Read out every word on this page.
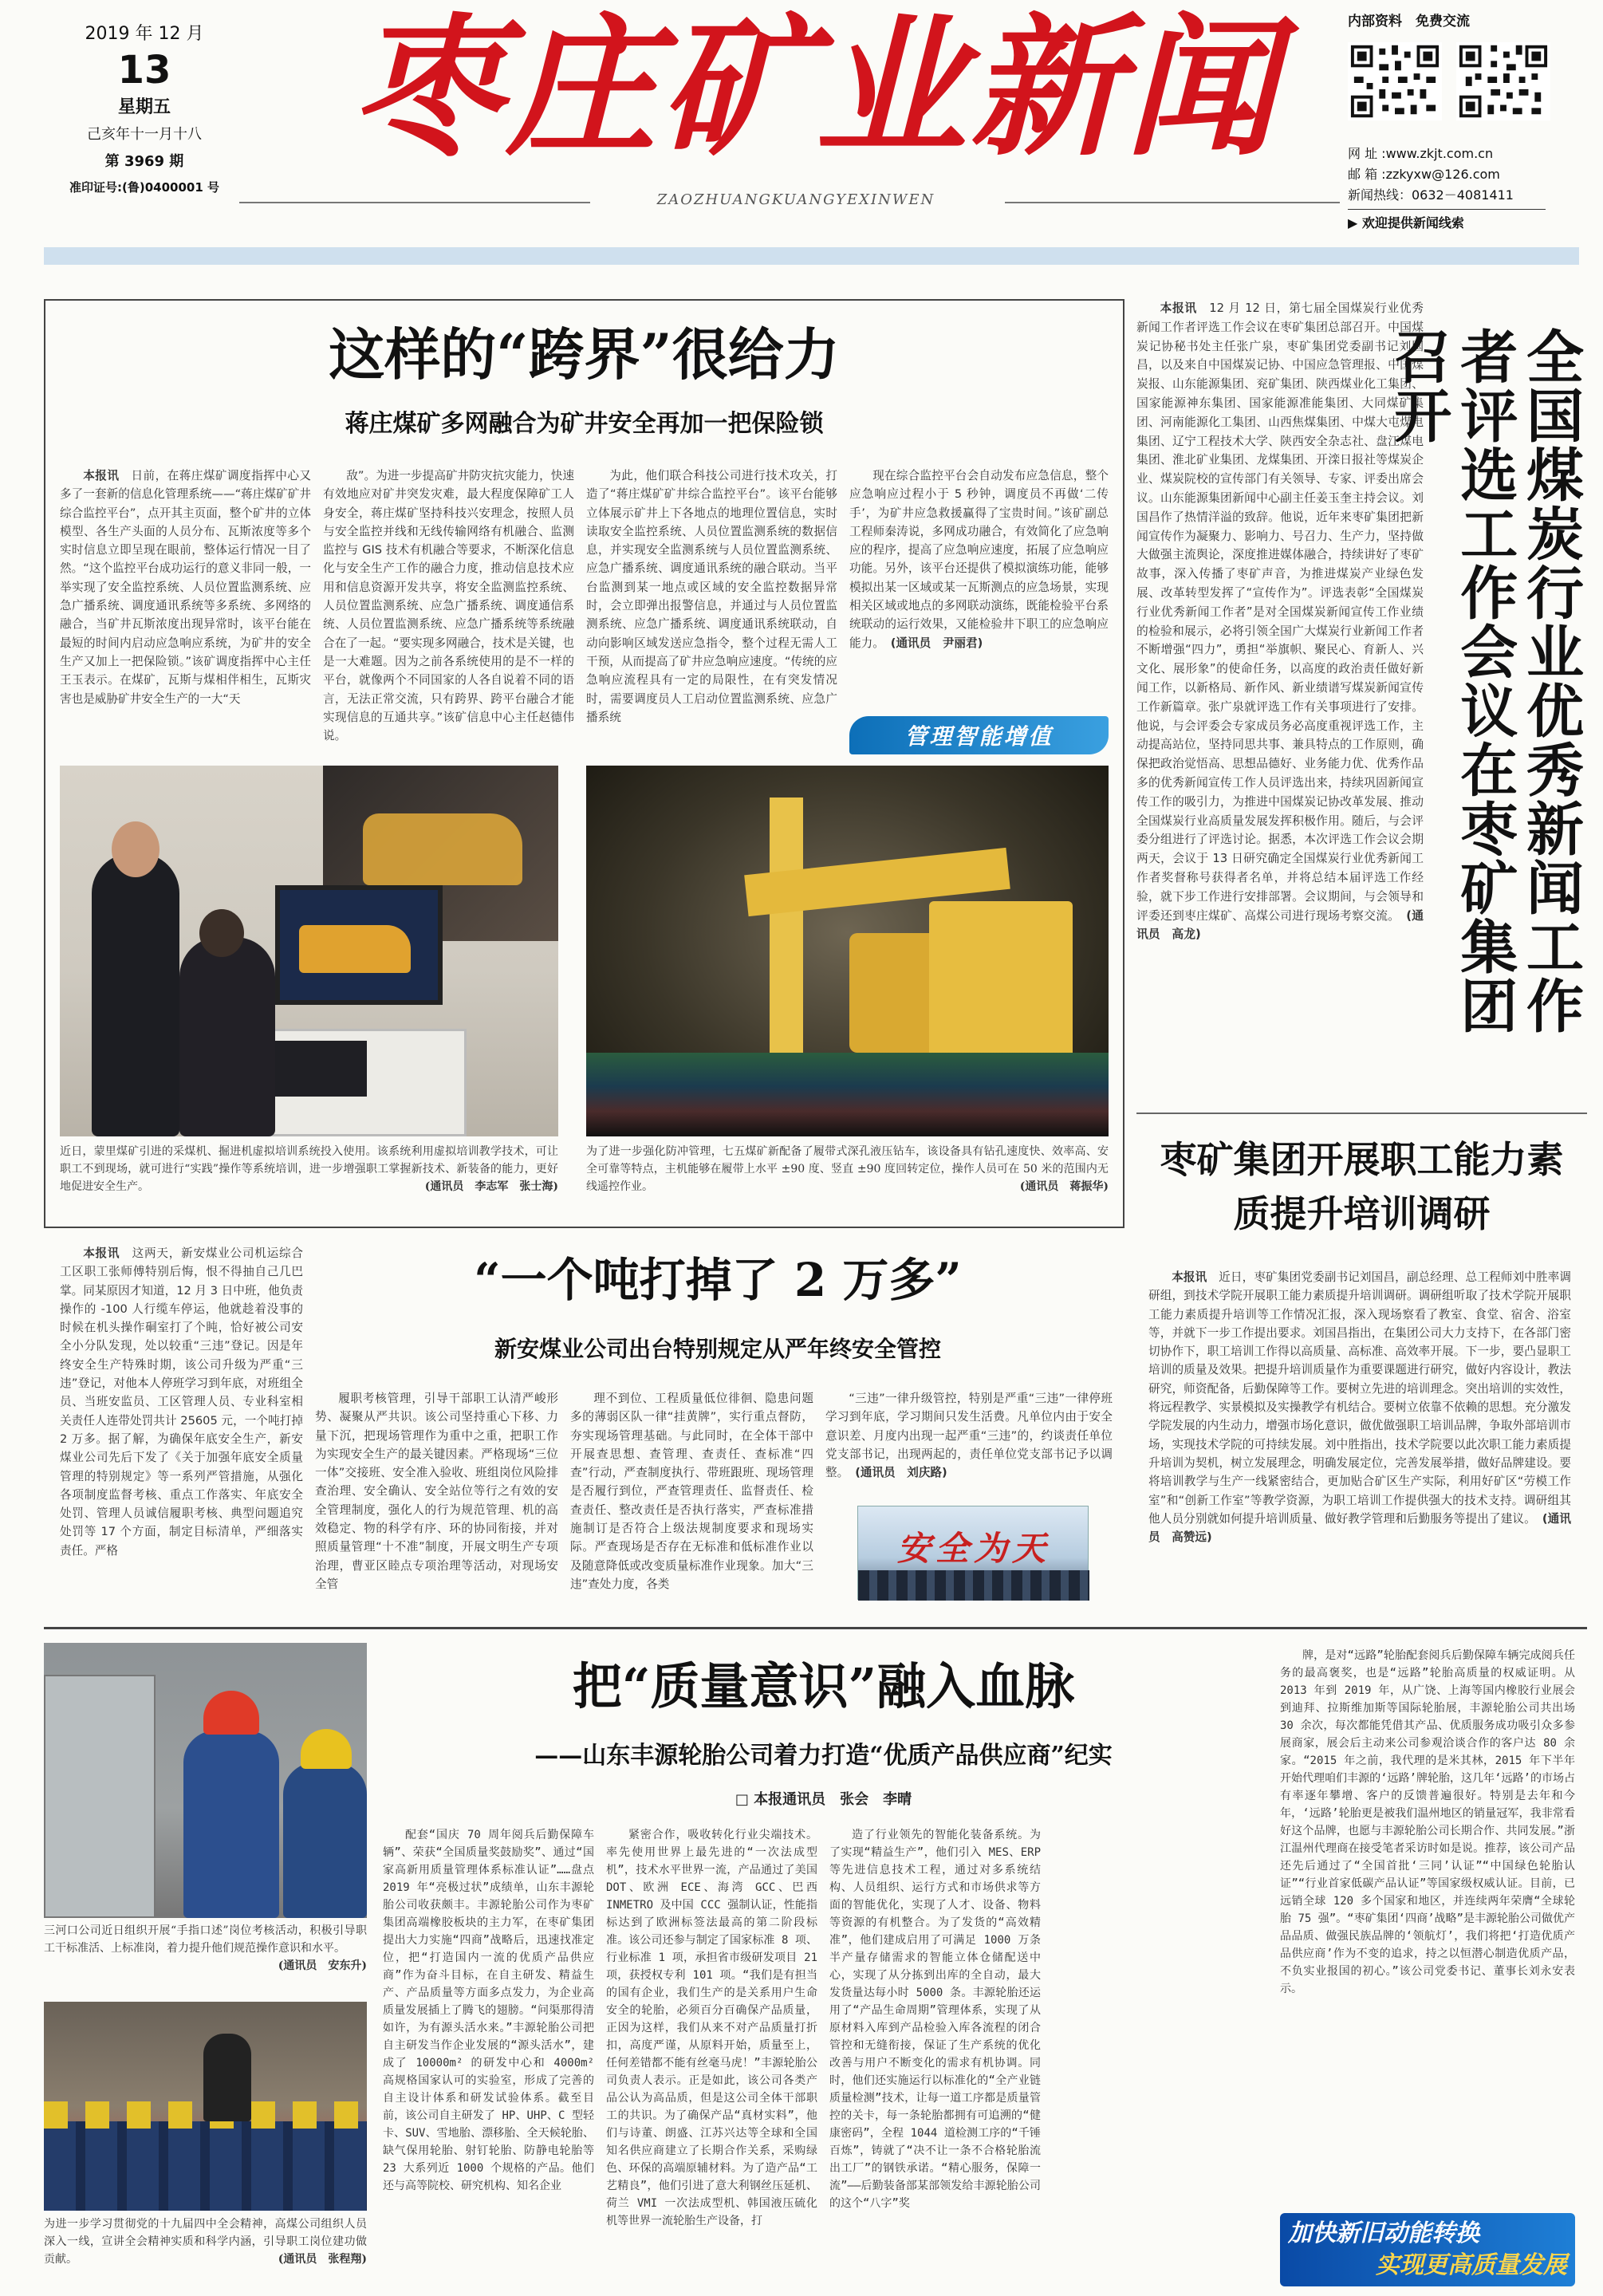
2019 年 12 月
13
星期五
己亥年十一月十八
第 3969 期
准印证号:(鲁)0400001 号
枣庄矿业新闻
ZAOZHUANGKUANGYEXINWEN
内部资料　免费交流
网 址 :www.zkjt.com.cn
邮 箱 :zzkyxw@126.com
新闻热线：0632－4081411
▶ 欢迎提供新闻线索
这样的“跨界”很给力
蒋庄煤矿多网融合为矿井安全再加一把保险锁

本报讯　 日前，在蒋庄煤矿调度指挥中心又多了一套新的信息化管理系统——“蒋庄煤矿矿井综合监控平台”，点开其主页面，整个矿井的立体模型、各生产头面的人员分布、瓦斯浓度等多个实时信息立即呈现在眼前，整体运行情况一目了然。“这个监控平台成功运行的意义非同一般，一举实现了安全监控系统、人员位置监测系统、应急广播系统、调度通讯系统等多系统、多网络的融合，当矿井瓦斯浓度出现异常时，该平台能在最短的时间内启动应急响应系统，为矿井的安全生产又加上一把保险锁。”该矿调度指挥中心主任王玉表示。在煤矿，瓦斯与煤相伴相生，瓦斯灾害也是威胁矿井安全生产的一大“天

敌”。为进一步提高矿井防灾抗灾能力，快速有效地应对矿井突发灾难，最大程度保障矿工人身安全，蒋庄煤矿坚持科技兴安理念，按照人员与安全监控并线和无线传输网络有机融合、监测监控与 GIS 技术有机融合等要求，不断深化信息化与安全生产工作的融合力度，推动信息技术应用和信息资源开发共享，将安全监测监控系统、人员位置监测系统、应急广播系统、调度通信系统、人员位置监测系统、应急广播系统等系统融合在了一起。“要实现多网融合，技术是关键，也是一大难题。因为之前各系统使用的是不一样的平台，就像两个不同国家的人各自说着不同的语言，无法正常交流，只有跨界、跨平台融合才能实现信息的互通共享。”该矿信息中心主任赵德伟说。

为此，他们联合科技公司进行技术攻关，打造了“蒋庄煤矿矿井综合监控平台”。该平台能够立体展示矿井上下各地点的地理位置信息，实时读取安全监控系统、人员位置监测系统的数据信息，并实现安全监测系统与人员位置监测系统、应急广播系统、调度通讯系统的融合联动。当平台监测到某一地点或区域的安全监控数据异常时，会立即弹出报警信息，并通过与人员位置监测系统、应急广播系统、调度通讯系统联动，自动向影响区域发送应急指令，整个过程无需人工干预，从而提高了矿井应急响应速度。“传统的应急响应流程具有一定的局限性，在有突发情况时，需要调度员人工启动位置监测系统、应急广播系统

现在综合监控平台会自动发布应急信息，整个应急响应过程小于 5 秒钟，调度员不再做‘二传手’，为矿井应急救援赢得了宝贵时间。”该矿副总工程师秦涛说，多网成功融合，有效简化了应急响应的程序，提高了应急响应速度，拓展了应急响应功能。另外，该平台还提供了模拟演练功能，能够模拟出某一区域或某一瓦斯测点的应急场景，实现相关区域或地点的多网联动演练，既能检验平台系统联动的运行效果，又能检验井下职工的应急响应能力。 (通讯员　尹丽君)

管理智能增值
近日，蒙里煤矿引进的采煤机、掘进机虚拟培训系统投入使用。该系统利用虚拟培训教学技术，可让职工不到现场，就可进行“实践”操作等系统培训，进一步增强职工掌握新技术、新装备的能力，更好地促进安全生产。	(通讯员　李志军　张士海)
为了进一步强化防冲管理，七五煤矿新配备了履带式深孔液压钻车，该设备具有钻孔速度快、效率高、安全可靠等特点，主机能够在履带上水平 ±90 度、竖直 ±90 度回转定位，操作人员可在 50 米的范围内无线遥控作业。	(通讯员　蒋振华)

本报讯　 12 月 12 日，第七届全国煤炭行业优秀新闻工作者评选工作会议在枣矿集团总部召开。中国煤炭记协秘书处主任张广泉，枣矿集团党委副书记刘国昌，以及来自中国煤炭记协、中国应急管理报、中国煤炭报、山东能源集团、兖矿集团、陕西煤业化工集团、国家能源神东集团、国家能源准能集团、大同煤矿集团、河南能源化工集团、山西焦煤集团、中煤大屯煤电集团、辽宁工程技术大学、陕西安全杂志社、盘江煤电集团、淮北矿业集团、龙煤集团、开滦日报社等煤炭企业、煤炭院校的宣传部门有关领导、专家、评委出席会议。山东能源集团新闻中心副主任姜玉奎主持会议。刘国昌作了热情洋溢的致辞。他说，近年来枣矿集团把新闻宣传作为凝聚力、影响力、号召力、生产力，坚持做大做强主流舆论，深度推进媒体融合，持续讲好了枣矿故事，深入传播了枣矿声音，为推进煤炭产业绿色发展、改革转型发挥了“宣传作为”。评选表彰“全国煤炭行业优秀新闻工作者”是对全国煤炭新闻宣传工作业绩的检验和展示，必将引领全国广大煤炭行业新闻工作者不断增强“四力”，勇担“举旗帜、聚民心、育新人、兴文化、展形象”的使命任务，以高度的政治责任做好新闻工作，以新格局、新作风、新业绩谱写煤炭新闻宣传工作新篇章。张广泉就评选工作有关事项进行了安排。他说，与会评委会专家成员务必高度重视评选工作，主动提高站位，坚持同思共事、兼具特点的工作原则，确保把政治觉悟高、思想品德好、业务能力优、优秀作品多的优秀新闻宣传工作人员评选出来，持续巩固新闻宣传工作的吸引力，为推进中国煤炭记协改革发展、推动全国煤炭行业高质量发展发挥积极作用。随后，与会评委分组进行了评选讨论。据悉，本次评选工作会议会期两天，会议于 13 日研究确定全国煤炭行业优秀新闻工作者奖督称号获得者名单，并将总结本届评选工作经验，就下步工作进行安排部署。会议期间，与会领导和评委还到枣庄煤矿、高煤公司进行现场考察交流。 (通讯员　高龙)	全国煤炭行业优秀新闻工作者评选工作会议在枣矿集团召开
枣矿集团开展职工能力素质提升培训调研

本报讯　 近日，枣矿集团党委副书记刘国昌，副总经理、总工程师刘中胜率调研组，到技术学院开展职工能力素质提升培训调研。调研组听取了技术学院开展职工能力素质提升培训等工作情况汇报，深入现场察看了教室、食堂、宿舍、浴室等，并就下一步工作提出要求。刘国昌指出，在集团公司大力支持下，在各部门密切协作下，职工培训工作得以高质量、高标准、高效率开展。下一步，要凸显职工培训的质量及效果。把提升培训质量作为重要课题进行研究，做好内容设计，教法研究，师资配备，后勤保障等工作。要树立先进的培训理念。突出培训的实效性，将远程教学、实景模拟及实操教学有机结合。要树立依靠不依赖的思想。充分激发学院发展的内生动力，增强市场化意识，做优做强职工培训品牌，争取外部培训市场，实现技术学院的可持续发展。刘中胜指出，技术学院要以此次职工能力素质提升培训为契机，树立发展理念，明确发展定位，完善发展举措，做好品牌建设。要将培训教学与生产一线紧密结合，更加贴合矿区生产实际，利用好矿区“劳模工作室”和“创新工作室”等教学资源，为职工培训工作提供强大的技术支持。调研组其他人员分别就如何提升培训质量、做好教学管理和后勤服务等提出了建议。 (通讯员　高赞远)

本报讯　 这两天，新安煤业公司机运综合工区职工张师傅特别后悔，恨不得抽自己几巴掌。同某原因才知道，12 月 3 日中班，他负责操作的 -100 人行缆车停运，他就趁着没事的时候在机头操作硐室打了个盹，恰好被公司安全小分队发现，处以较重“三违”登记。因是年终安全生产特殊时期，该公司升级为严重“三违”登记，对他本人停班学习到年底，对班组全员、当班安监员、工区管理人员、专业科室相关责任人连带处罚共计 25605 元，一个吨打掉 2 万多。据了解，为确保年底安全生产，新安煤业公司先后下发了《关于加强年底安全质量管理的特别规定》等一系列严管措施，从强化各项制度监督考核、重点工作落实、年底安全处罚、管理人员诚信履职考核、典型问题追究处罚等 17 个方面，制定目标清单，严细落实责任。严格

“一个吨打掉了 2 万多”
新安煤业公司出台特别规定从严年终安全管控

履职考核管理，引导干部职工认清严峻形势、凝聚从严共识。该公司坚持重心下移、力量下沉，把现场管理作为重中之重，把职工作为实现安全生产的最关键因素。严格现场“三位一体”交接班、安全准入验收、班组岗位风险排查治理、安全确认、安全站位等行之有效的安全管理制度，强化人的行为规范管理、机的高效稳定、物的科学有序、环的协同衔接，并对照质量管理“十不准”制度，开展文明生产专项治理，曹亚区睦点专项治理等活动，对现场安全管

理不到位、工程质量低位徘徊、隐患问题多的薄弱区队一律“挂黄牌”，实行重点督防，夯实现场管理基础。与此同时，在全体干部中开展查思想、查管理、查责任、查标准“四查”行动，严查制度执行、带班跟班、现场管理是否履行到位，严查管理责任、监督责任、检查责任、整改责任是否执行落实，严查标准措施制订是否符合上级法规制度要求和现场实际。严查现场是否存在无标准和低标准作业以及随意降低或改变质量标准作业现象。加大“三违”查处力度，各类

“三违”一律升级管控，特别是严重“三违”一律停班学习到年底，学习期间只发生活费。凡单位内由于安全意识差、月度内出现一起严重“三违”的，约谈责任单位党支部书记，出现两起的，责任单位党支部书记予以调整。 (通讯员　刘庆路)

安全为天
三河口公司近日组织开展“手指口述”岗位考核活动，积极引导职工干标准活、上标准岗，着力提升他们规范操作意识和水平。
(通讯员　安东升)
为进一步学习贯彻党的十九届四中全会精神，高煤公司组织人员深入一线，宣讲全会精神实质和科学内涵，引导职工岗位建功做贡献。	(通讯员　张程翔)
把“质量意识”融入血脉
——山东丰源轮胎公司着力打造“优质产品供应商”纪实
□ 本报通讯员　张会　李晴

配套“国庆 70 周年阅兵后勤保障车辆”、荣获“全国质量奖鼓励奖”、通过“国家高新用质量管理体系标准认证”……盘点 2019 年“亮极过状”成绩单，山东丰源轮胎公司收获颇丰。丰源轮胎公司作为枣矿集团高端橡胶板块的主力军，在枣矿集团提出大力实施“四商”战略后，迅速找准定位，把“打造国内一流的优质产品供应商”作为奋斗目标，在自主研发、精益生产、产品质量等方面多点发力，为企业高质量发展插上了腾飞的翅膀。“问渠那得清如许，为有源头活水来。”丰源轮胎公司把自主研发当作企业发展的“源头活水”，建成了 10000m² 的研发中心和 4000m² 高规格国家认可的实验室，形成了完善的自主设计体系和研发试验体系。截至目前，该公司自主研发了 HP、UHP、C 型轻卡、SUV、雪地胎、漂移胎、全天候轮胎、缺气保用轮胎、射钉轮胎、防静电轮胎等 23 大系列近 1000 个规格的产品。他们还与高等院校、研究机构、知名企业

紧密合作，吸收转化行业尖端技术。率先使用世界上最先进的“一次法成型机”，技术水平世界一流，产品通过了美国 DOT、欧洲 ECE、海湾 GCC、巴西 INMETRO 及中国 CCC 强制认证，性能指标达到了欧洲标签法最高的第二阶段标准。该公司还参与制定了国家标准 8 项、行业标准 1 项，承担省市级研发项目 21 项，获授权专利 101 项。“我们是有担当的国有企业，我们生产的是关系用户生命安全的轮胎，必须百分百确保产品质量，正因为这样，我们从来不对产品质量打折扣，高度严谨，从原料开始，质量至上，任何差错都不能有丝毫马虎！”丰源轮胎公司负责人表示。正是如此，该公司各类产品公认为高品质，但是这公司全体干部职工的共识。为了确保产品“真材实料”，他们与诗董、朗盛、江苏兴达等全球和全国知名供应商建立了长期合作关系，采购绿色、环保的高端原辅材料。为了造产品“工艺精良”，他们引进了意大利钢丝压延机、荷兰 VMI 一次法成型机、韩国液压硫化机等世界一流轮胎生产设备，打

造了行业领先的智能化装备系统。为了实现“精益生产”，他们引入 MES、ERP 等先进信息技术工程，通过对多系统结构、人员组织、运行方式和市场供求等方面的智能优化，实现了人才、设备、物料等资源的有机整合。为了发货的“高效精准”，他们建成启用了可满足 1000 万条半产量存储需求的智能立体仓储配送中心，实现了从分拣到出库的全自动，最大发货量达每小时 5000 条。丰源轮胎还运用了“产品生命周期”管理体系，实现了从原材料入库到产品检验入库各流程的闭合管控和无缝衔接，保证了生产系统的优化改善与用户不断变化的需求有机协调。同时，他们还实施运行以标准化的“全产业链质量检测”技术，让每一道工序都是质量管控的关卡，每一条轮胎都拥有可追溯的“健康密码”，全程 1044 道检测工序的“千锤百炼”，铸就了“决不让一条不合格轮胎流出工厂”的钢铁承诺。“精心服务，保障一流”——后勤装备部某部领发给丰源轮胎公司的这个“八字”奖

牌，是对“远路”轮胎配套阅兵后勤保障车辆完成阅兵任务的最高褒奖，也是“远路”轮胎高质量的权威证明。从 2013 年到 2019 年，从广饶、上海等国内橡胶行业展会到迪拜、拉斯维加斯等国际轮胎展，丰源轮胎公司共出场 30 余次，每次都能凭借其产品、优质服务成功吸引众多参展商家，展会后主动来公司参观洽谈合作的客户达 80 余家。“2015 年之前，我代理的是米其林，2015 年下半年开始代理咱们丰源的‘远路’牌轮胎，这几年‘远路’的市场占有率逐年攀增、客户的反馈普遍很好。特别是去年和今年，‘远路’轮胎更是被我们温州地区的销量冠军，我非常看好这个品牌，也愿与丰源轮胎公司长期合作、共同发展。”浙江温州代理商在接受笔者采访时如是说。推荐，该公司产品还先后通过了“全国首批‘三同’认证”“中国绿色轮胎认证”“行业首家低碳产品认证”等国家级权威认证。目前，已远销全球 120 多个国家和地区，并连续两年荣膺“全球轮胎 75 强”。“枣矿集团‘四商’战略”是丰源轮胎公司做优产品品质、做强民族品牌的‘领航灯’，我们将把‘打造优质产品供应商’作为不变的追求，持之以恒潜心制造优质产品，不负实业报国的初心。”该公司党委书记、董事长刘永安表示。

加快新旧动能转换
实现更高质量发展
